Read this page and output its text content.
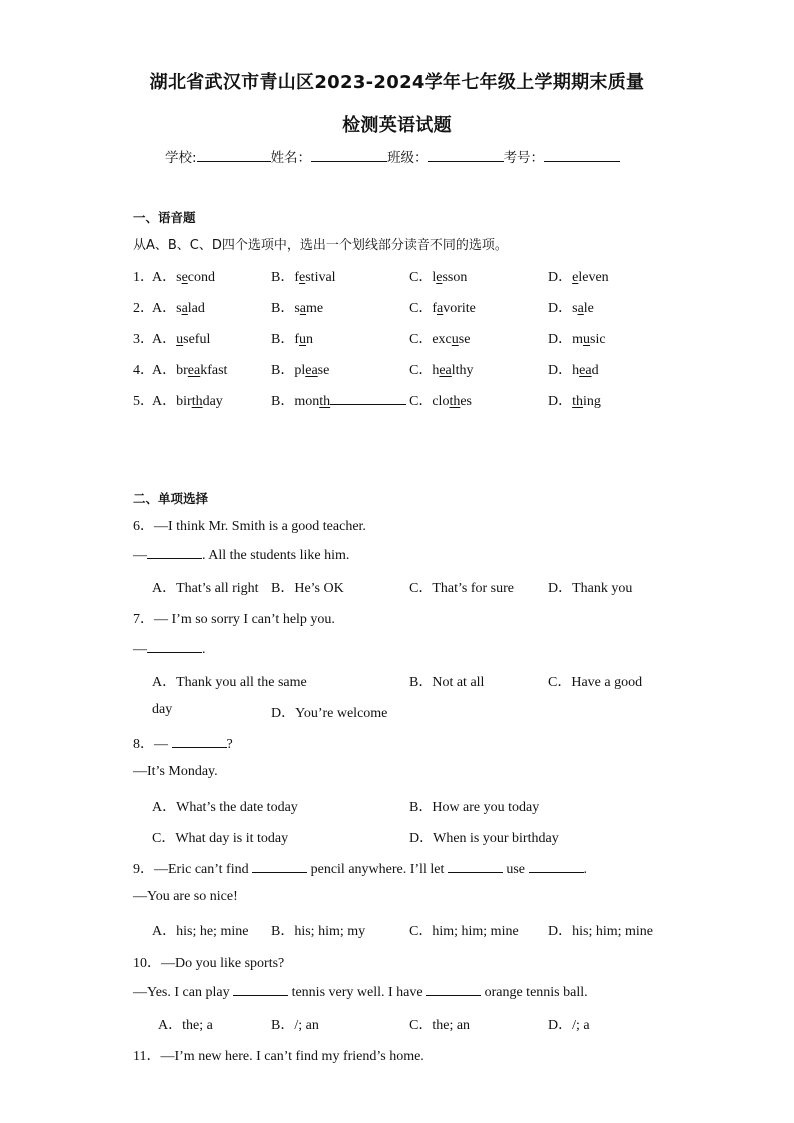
湖北省武汉市青山区2023-2024学年七年级上学期期末质量
检测英语试题
学校:	姓名：	班级：	考号：
一、语音题
从A、B、C、D四个选项中，选出一个划线部分读音不同的选项。
1．
A．second	B．festival	C．lesson	D．eleven
2．
A．salad	B．same	C．favorite	D．sale
3．
A．useful	B．fun	C．excuse	D．music
4．
A．breakfast	B．please	C．healthy	D．head
5．
A．birthday	B．month	C．clothes	D．thing
二、单项选择
6．—I think Mr. Smith is a good teacher.
—	. All the students like him.
A．That’s all right B．He’s OK	C．That’s for sure D．Thank you
7．— I’m so sorry I can’t help you.
—	.
A．Thank you all the same	B．Not at all	C．Have a good
day	D．You’re welcome
8．—	?
—It’s Monday.
A．What’s the date today	B．How are you today
C．What day is it today	D．When is your birthday
9．—Eric can’t find	pencil anywhere. I’ll let	use	.
—You are so nice!
A．his; he; mine B．his; him; my	C．him; him; mine D．his; him; mine
10．—Do you like sports?
—Yes. I can play	tennis very well. I have	orange tennis ball.
A．the; a	B．/; an	C．the; an	D．/; a
11．—I’m new here. I can’t find my friend’s home.
